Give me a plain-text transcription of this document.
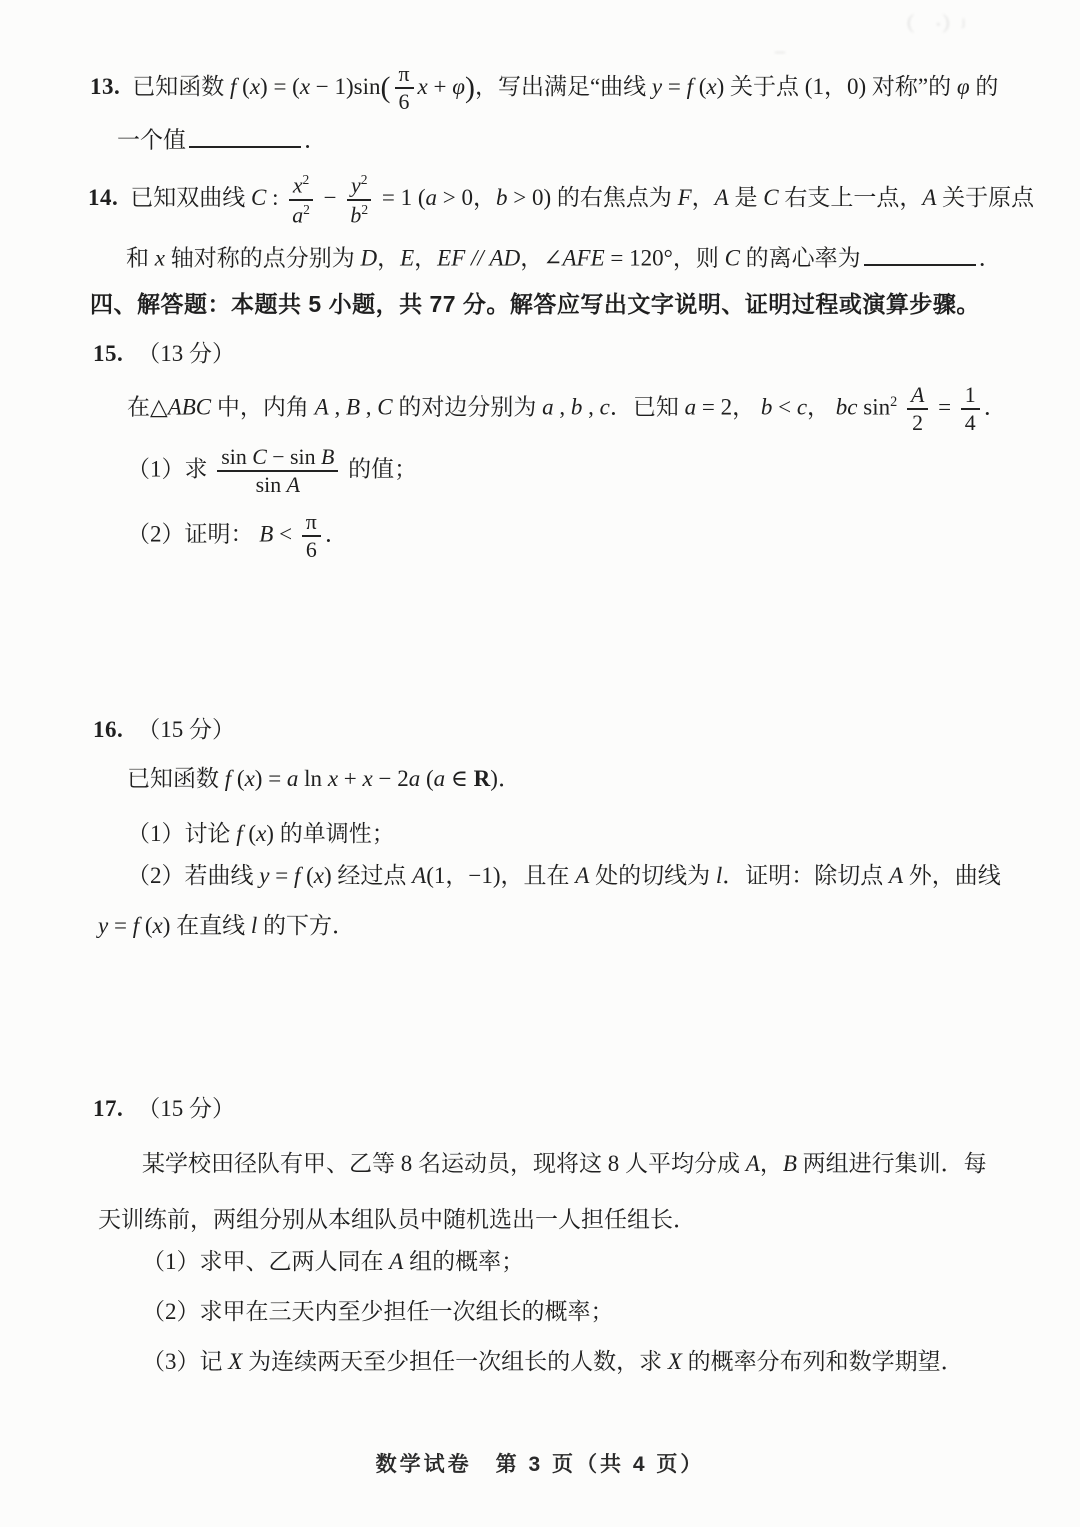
（　·）ʲ
–
13. 已知函数 f $(x) = (x - 1)\sin( \frac{\pi}{6}$ x + φ)，写出满足“曲线 y = f (x) 关于点 (1，0) 对称”的 φ 的
一个值	．
14. 已知双曲线 C : $\frac{x^2}{a^2} - \frac{y^2}{b^2} = 1$ (a > 0，b > 0) 的右焦点为 F，A 是 C 右支上一点，A 关于原点
和 x 轴对称的点分别为 D，E，EF // AD，∠AFE = 120°，则 C 的离心率为	．
四、解答题：本题共 5 小题，共 77 分。解答应写出文字说明、证明过程或演算步骤。
15. （13 分）
在△ABC 中，内角 A , B , C 的对边分别为 a , b , c．已知 a = 2， b < c， bc $\sin^2 \frac{A}{2} = \frac{1}{4}$ ．
（1）求 $\frac{\text{sin C − sin B}}{\text{sin A}}$ 的值；
（2）证明： $B < \frac{\pi}{6}$ ．
16. （15 分）
已知函数 f (x) = a ln x + x − 2a (a ∈ R)．
（1）讨论 f (x) 的单调性；
（2）若曲线 y = f (x) 经过点 A(1，−1)，且在 A 处的切线为 l．证明：除切点 A 外，曲线
y = f (x) 在直线 l 的下方．
17. （15 分）
某学校田径队有甲、乙等 8 名运动员，现将这 8 人平均分成 A，B 两组进行集训．每
天训练前，两组分别从本组队员中随机选出一人担任组长．
（1）求甲、乙两人同在 A 组的概率；
（2）求甲在三天内至少担任一次组长的概率；
（3）记 X 为连续两天至少担任一次组长的人数，求 X 的概率分布列和数学期望．
数学试卷　第 3 页（共 4 页）
